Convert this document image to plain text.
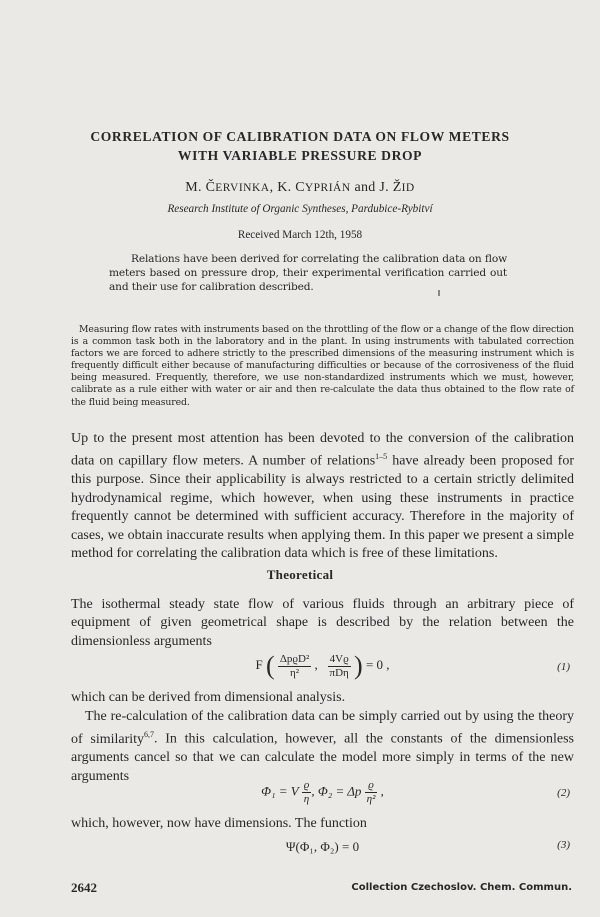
CORRELATION OF CALIBRATION DATA ON FLOW METERS
WITH VARIABLE PRESSURE DROP
M. ČERVINKA, K. CYPRIÁN and J. ŽID
Research Institute of Organic Syntheses, Pardubice-Rybitví
Received March 12th, 1958
Relations have been derived for correlating the calibration data on flow meters based on pressure drop, their experimental verification carried out and their use for calibration described.
Measuring flow rates with instruments based on the throttling of the flow or a change of the flow direction is a common task both in the laboratory and in the plant. In using instruments with tabulated correction factors we are forced to adhere strictly to the prescribed dimensions of the measuring instrument which is frequently difficult either because of manufacturing difficulties or because of the corrosiveness of the fluid being measured. Frequently, therefore, we use non-standardized instruments which we must, however, calibrate as a rule either with water or air and then re-calculate the data thus obtained to the flow rate of the fluid being measured.
Up to the present most attention has been devoted to the conversion of the calibration data on capillary flow meters. A number of relations$^{1-5}$ have already been proposed for this purpose. Since their applicability is always restricted to a certain strictly delimited hydrodynamical regime, which however, when using these instruments in practice frequently cannot be determined with sufficient accuracy. Therefore in the majority of cases, we obtain inaccurate results when applying them. In this paper we present a simple method for correlating the calibration data which is free of these limitations.
Theoretical
The isothermal steady state flow of various fluids through an arbitrary piece of equipment of given geometrical shape is described by the relation between the dimensionless arguments
F ( $\frac{\text{ΔpϱD²}}{\text{η²}}$ , $\frac{4Vϱ}{\text{πDη}}$ ) = 0 ,	(1)
which can be derived from dimensional analysis.
The re-calculation of the calibration data can be simply carried out by using the theory of similarity$^{6,7}$. In this calculation, however, all the constants of the dimensionless arguments cancel so that we can calculate the model more simply in terms of the new arguments
Φ₁ = V $\frac{ϱ}{\eta}$ , Φ₂ = Δp $\frac{ϱ}{\text{η²}}$ ,	(2)
which, however, now have dimensions. The function
Ψ(Φ₁, Φ₂) = 0	(3)
2642	Collection Czechoslov. Chem. Commun.
